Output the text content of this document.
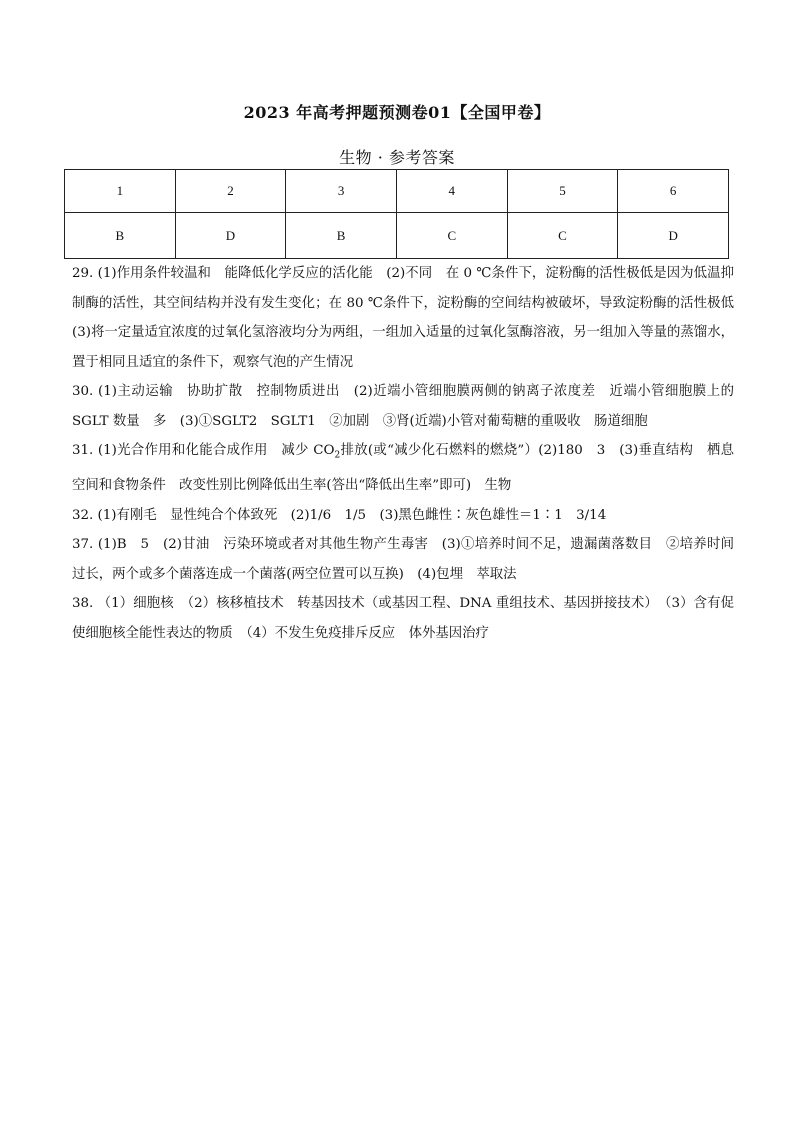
2023 年高考押题预测卷01【全国甲卷】
生物 · 参考答案
1	2	3	4	5	6
B	D	B	C	C	D

29. (1)作用条件较温和　能降低化学反应的活化能　(2)不同　在 0 ℃条件下，淀粉酶的活性极低是因为低温抑制酶的活性，其空间结构并没有发生变化；在 80 ℃条件下，淀粉酶的空间结构被破坏，导致淀粉酶的活性极低　(3)将一定量适宜浓度的过氧化氢溶液均分为两组，一组加入适量的过氧化氢酶溶液，另一组加入等量的蒸馏水，置于相同且适宜的条件下，观察气泡的产生情况

30. (1)主动运输　协助扩散　控制物质进出　(2)近端小管细胞膜两侧的钠离子浓度差　近端小管细胞膜上的 SGLT 数量　多　(3)①SGLT2　SGLT1　②加剧　③肾(近端)小管对葡萄糖的重吸收　肠道细胞

31. (1)光合作用和化能合成作用　减少 $CO_2$排放(或“减少化石燃料的燃烧”）(2)180　3　(3)垂直结构　栖息空间和食物条件　改变性别比例降低出生率(答出“降低出生率”即可)　生物

32. (1)有刚毛　显性纯合个体致死　(2)1/6　1/5　(3)黑色雌性∶灰色雄性＝1∶1　3/14

37. (1)B　5　(2)甘油　污染环境或者对其他生物产生毒害　(3)①培养时间不足，遗漏菌落数目　②培养时间过长，两个或多个菌落连成一个菌落(两空位置可以互换)　(4)包埋　萃取法

38. （1）细胞核　（2）核移植技术　转基因技术（或基因工程、DNA 重组技术、基因拼接技术）　（3）含有促使细胞核全能性表达的物质　（4）不发生免疫排斥反应　体外基因治疗
